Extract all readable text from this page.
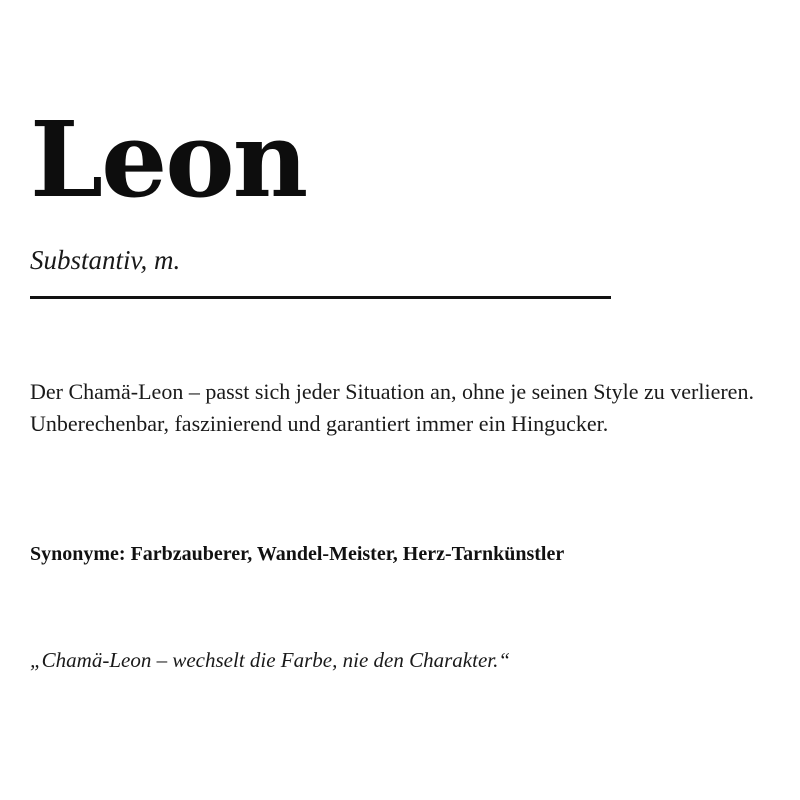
Leon
Substantiv, m.

Der Chamä-Leon – passt sich jeder Situation an, ohne je seinen Style zu verlieren. Unberechenbar, faszinierend und garantiert immer ein Hingucker.

Synonyme: Farbzauberer, Wandel-Meister, Herz-Tarnkünstler

„Chamä-Leon – wechselt die Farbe, nie den Charakter.“
